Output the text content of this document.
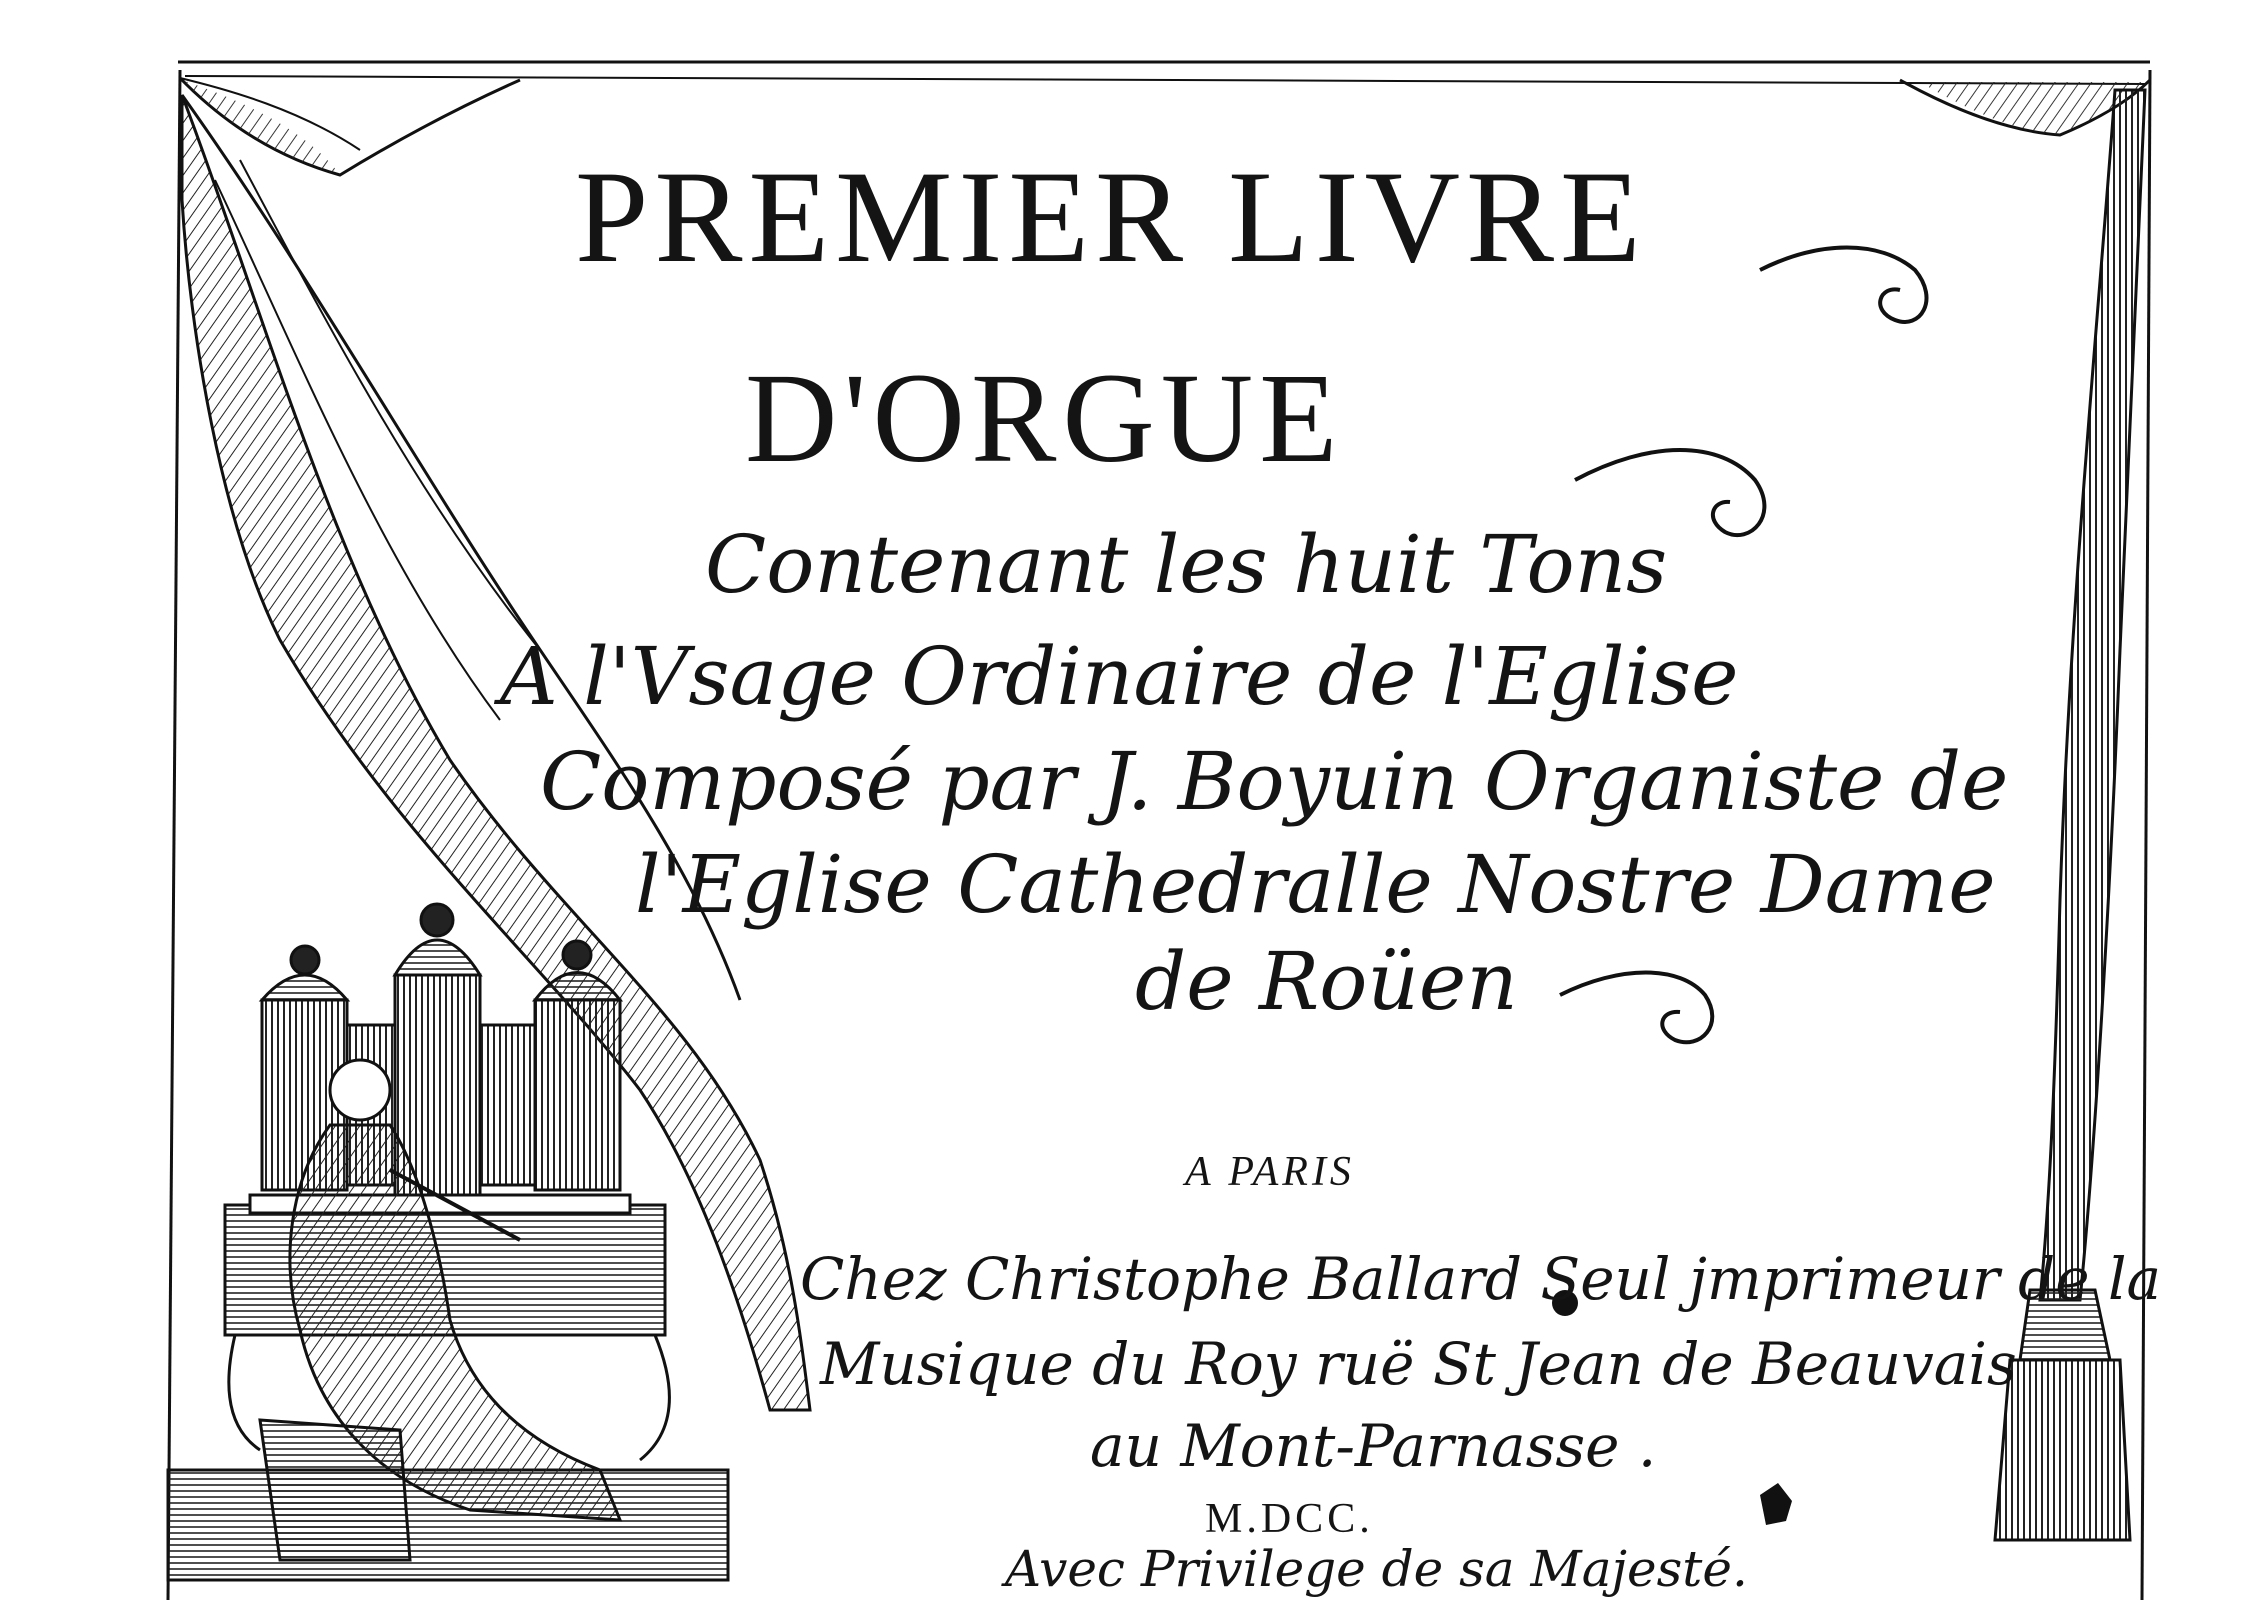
PREMIER LIVRE
D'ORGUE
Contenant les huit Tons
A l'Vsage Ordinaire de l'Eglise
Composé par J. Boyuin Organiste de
l'Eglise Cathedralle Nostre Dame
de Roüen
A PARIS
Chez Christophe Ballard Seul jmprimeur de la
Musique du Roy ruë St Jean de Beauvais
au Mont-Parnasse .
M.DCC.
Avec Privilege de sa Majesté.
